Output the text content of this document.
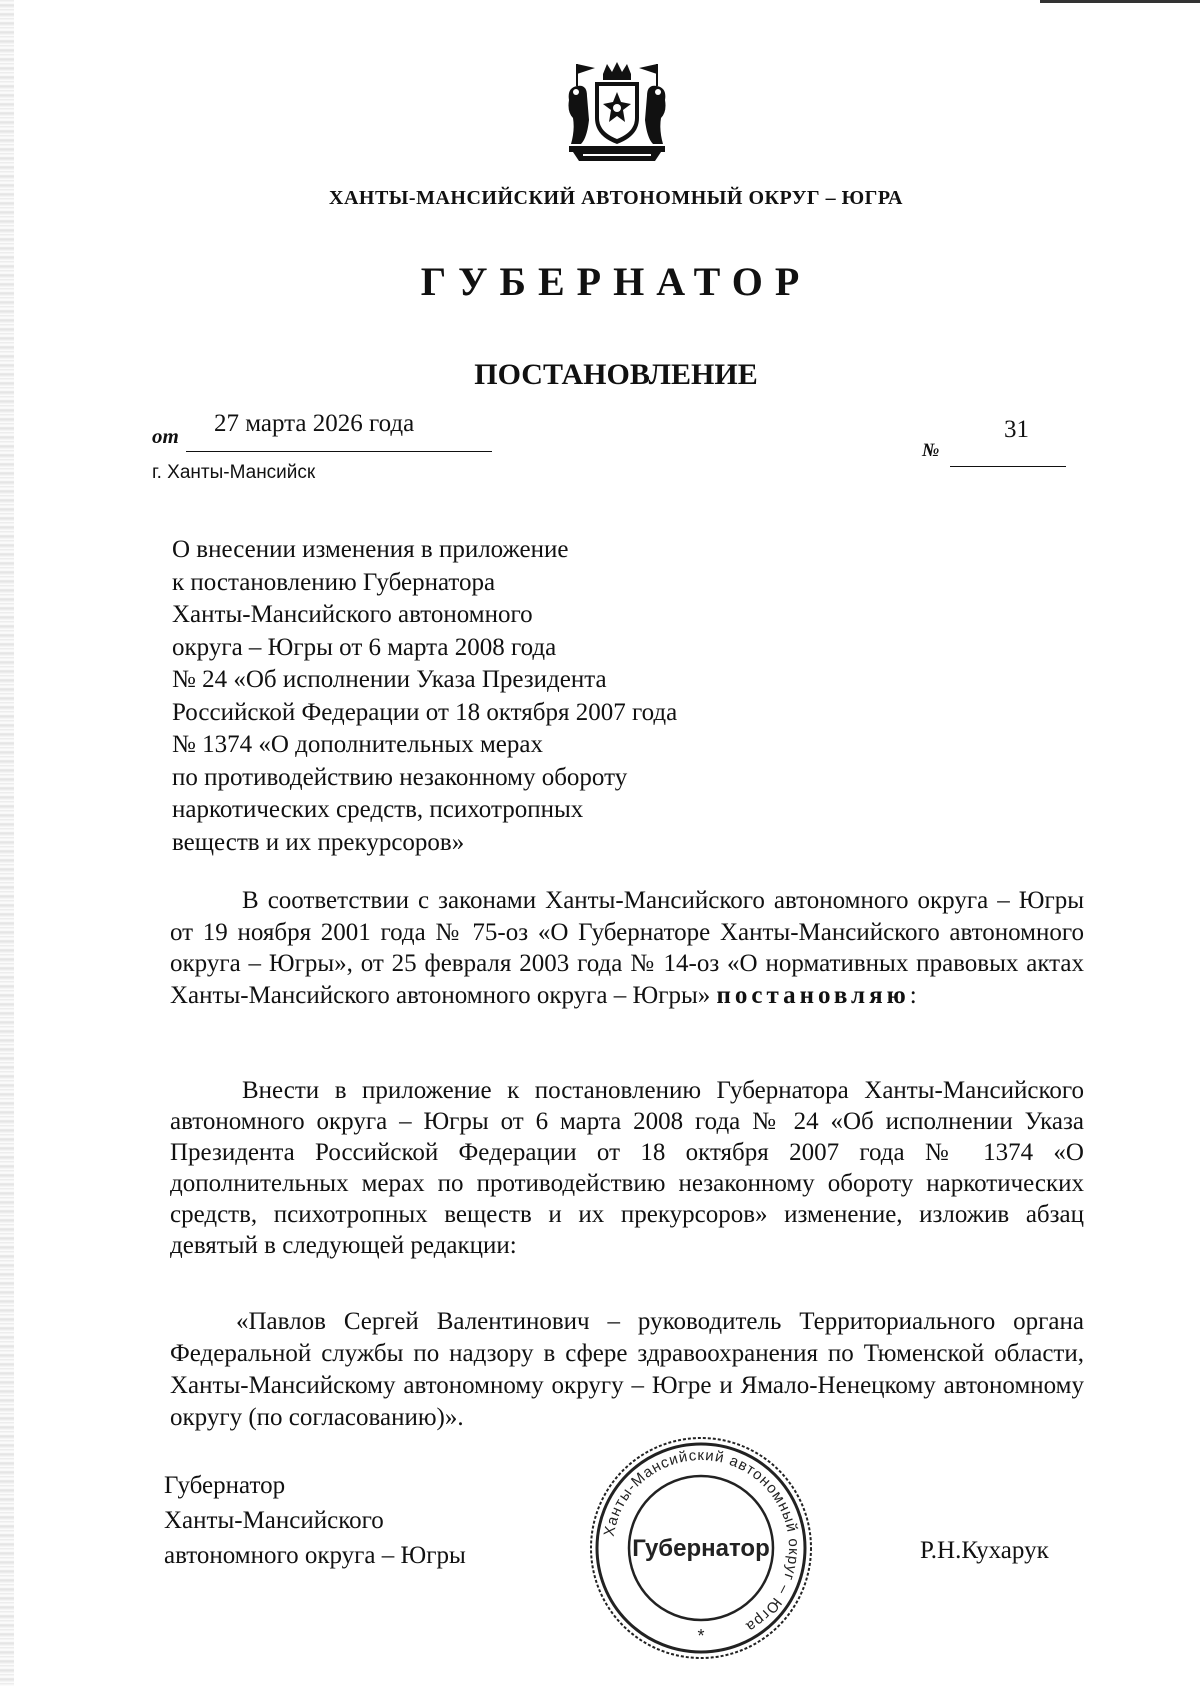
ХАНТЫ-МАНСИЙСКИЙ АВТОНОМНЫЙ ОКРУГ – ЮГРА
ГУБЕРНАТОР
ПОСТАНОВЛЕНИЕ
от 27 марта 2026 года	31
№
г. Ханты-Мансийск
О внесении изменения в приложение
к постановлению Губернатора
Ханты-Мансийского автономного
округа – Югры от 6 марта 2008 года
№ 24 «Об исполнении Указа Президента
Российской Федерации от 18 октября 2007 года
№ 1374 «О дополнительных мерах
по противодействию незаконному обороту
наркотических средств, психотропных
веществ и их прекурсоров»
В соответствии с законами Ханты-Мансийского автономного округа – Югры от 19 ноября 2001 года № 75-оз «О Губернаторе Ханты-Мансийского автономного округа – Югры», от 25 февраля 2003 года № 14-оз «О нормативных правовых актах Ханты-Мансийского автономного округа – Югры» постановляю:
Внести в приложение к постановлению Губернатора Ханты-Мансийского автономного округа – Югры от 6 марта 2008 года № 24 «Об исполнении Указа Президента Российской Федерации от 18 октября 2007 года № 1374 «О дополнительных мерах по противодействию незаконному обороту наркотических средств, психотропных веществ и их прекурсоров» изменение, изложив абзац девятый в следующей редакции:
«Павлов Сергей Валентинович – руководитель Территориального органа Федеральной службы по надзору в сфере здравоохранения по Тюменской области, Ханты-Мансийскому автономному округу – Югре и Ямало-Ненецкому автономному округу (по согласованию)».
Губернатор
Ханты-Мансийского
автономного округа – Югры
Ханты-Мансийский автономный округ – Югра
Губернатор
*
Р.Н.Кухарук
